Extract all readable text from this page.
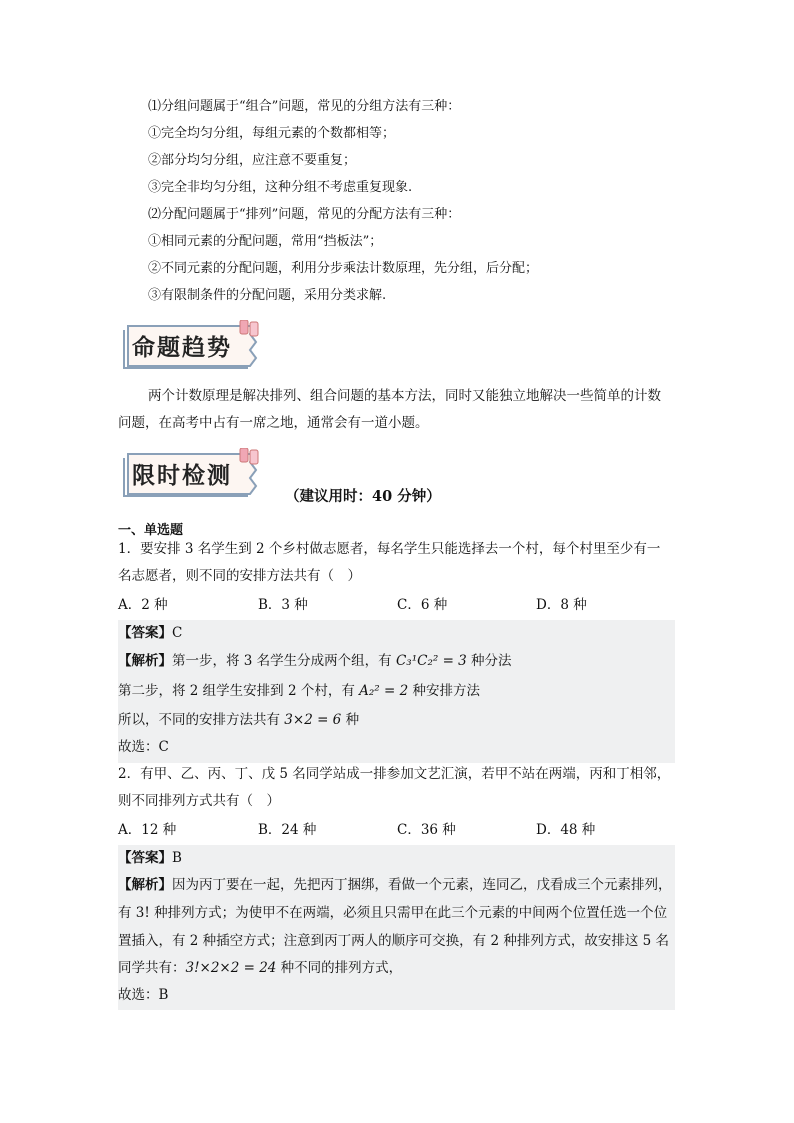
⑴分组问题属于“组合”问题，常见的分组方法有三种：
①完全均匀分组，每组元素的个数都相等；
②部分均匀分组，应注意不要重复；
③完全非均匀分组，这种分组不考虑重复现象.
⑵分配问题属于“排列”问题，常见的分配方法有三种：
①相同元素的分配问题，常用“挡板法”；
②不同元素的分配问题，利用分步乘法计数原理，先分组，后分配；
③有限制条件的分配问题，采用分类求解.
命题趋势
两个计数原理是解决排列、组合问题的基本方法，同时又能独立地解决一些简单的计数
问题，在高考中占有一席之地，通常会有一道小题。
限时检测
（建议用时：40 分钟）
一、单选题
1．要安排 3 名学生到 2 个乡村做志愿者，每名学生只能选择去一个村，每个村里至少有一
名志愿者，则不同的安排方法共有（　）
A．2 种	B．3 种	C．6 种	D．8 种
【答案】C
【解析】第一步，将 3 名学生分成两个组，有 C₃¹C₂² = 3 种分法
第二步，将 2 组学生安排到 2 个村，有 A₂² = 2 种安排方法
所以，不同的安排方法共有 3×2 = 6 种
故选：C
2．有甲、乙、丙、丁、戊 5 名同学站成一排参加文艺汇演，若甲不站在两端，丙和丁相邻，
则不同排列方式共有（　）
A．12 种	B．24 种	C．36 种	D．48 种
【答案】B
【解析】因为丙丁要在一起，先把丙丁捆绑，看做一个元素，连同乙，戊看成三个元素排列，
有 3! 种排列方式；为使甲不在两端，必须且只需甲在此三个元素的中间两个位置任选一个位
置插入，有 2 种插空方式；注意到丙丁两人的顺序可交换，有 2 种排列方式，故安排这 5 名
同学共有：3!×2×2 = 24 种不同的排列方式，
故选：B
